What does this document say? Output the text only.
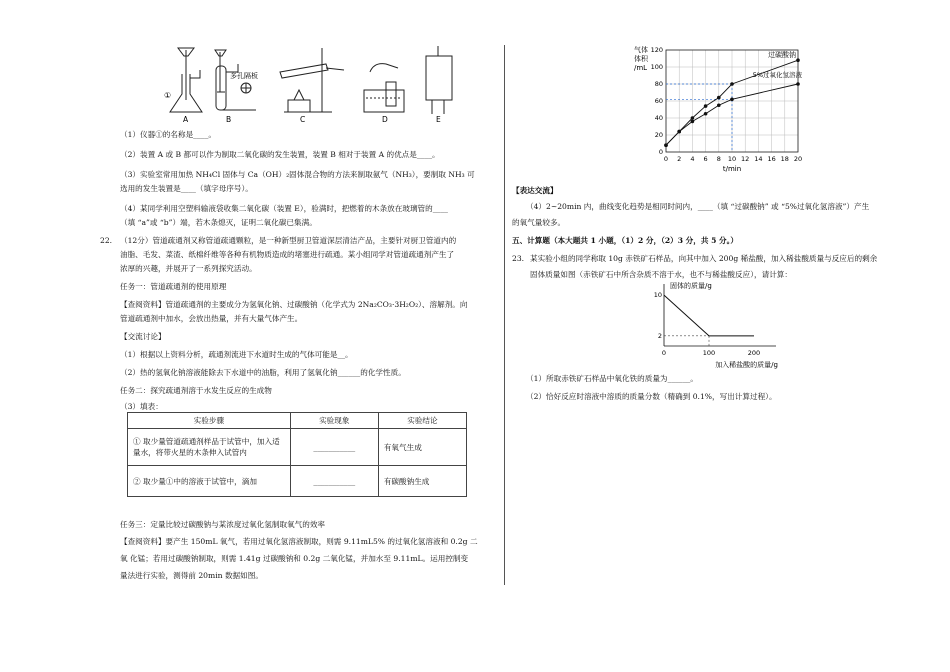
①
多孔隔板
A	B	C	D	E
（1）仪器①的名称是____。
（2）装置 A 或 B 都可以作为制取二氧化碳的发生装置，装置 B 相对于装置 A 的优点是____。
（3）实验室常用加热 NH₄Cl 固体与 Ca（OH）₂固体混合物的方法来制取氨气（NH₃），要制取 NH₃ 可
选用的发生装置是____（填字母序号）。
（4）某同学利用空塑料输液袋收集二氧化碳（装置 E），验满时，把燃着的木条放在玻璃管的____
（填 “a”或 “b”）端，若木条熄灭，证明二氧化碳已集满。
22. （12分）管道疏通剂又称管道疏通颗粒，是一种新型厨卫管道深层清洁产品，主要针对厨卫管道内的
油脂、毛发、菜渣、纸棉纤维等各种有机物质造成的堵塞进行疏通。某小组同学对管道疏通剂产生了
浓厚的兴趣，并展开了一系列探究活动。
任务一：管道疏通剂的使用原理
【查阅资料】管道疏通剂的主要成分为氢氧化钠、过碳酸钠（化学式为 2Na₂CO₃·3H₂O₂）、溶解剂。向
管道疏通剂中加水，会放出热量，并有大量气体产生。
【交流讨论】
（1）根据以上资料分析，疏通剂流进下水道时生成的气体可能是__。
（2）热的氢氧化钠溶液能除去下水道中的油脂，利用了氢氧化钠______的化学性质。
任务二：探究疏通剂溶于水发生反应的生成物
（3）填表：
实验步骤	实验现象	实验结论

① 取少量管道疏通剂样品于试管中，加入适
量水，将带火星的木条伸入试管内	___________	有氧气生成

② 取少量①中的溶液于试管中，滴加	___________	有碳酸钠生成
任务三：定量比较过碳酸钠与某浓度过氧化氢制取氧气的效率
【查阅资料】要产生 150mL 氧气，若用过氧化氢溶液制取，则需 9.11mL5% 的过氧化氢溶液和 0.2g 二
氧 化锰；若用过碳酸钠制取，则需 1.41g 过碳酸钠和 0.2g 二氧化锰，并加水至 9.11mL。运用控制变
量法进行实验，测得前 20min 数据如图。
0 2 4 6 8 10 12 14 16 18 20
0
20
40
60
80
100
120
气体
体积
/mL
t/min
过碳酸钠
5%过氧化氢溶液
【表达交流】
（4）2~20min 内，曲线变化趋势是相同时间内，____（填 “过碳酸钠” 或 “5%过氧化氢溶液”）产生
的氧气量较多。
五、计算题（本大题共 1 小题，（1）2 分，（2）3 分，共 5 分。）
23. 某实验小组的同学称取 10g 赤铁矿石样品，向其中加入 200g 稀盐酸，加入稀盐酸质量与反应后的剩余
固体质量如图（赤铁矿石中所含杂质不溶于水，也不与稀盐酸反应），请计算：
0	100	200
2
10
固体的质量/g
加入稀盐酸的质量/g
（1）所取赤铁矿石样品中氧化铁的质量为______。
（2）恰好反应时溶液中溶质的质量分数（精确到 0.1%，写出计算过程）。
